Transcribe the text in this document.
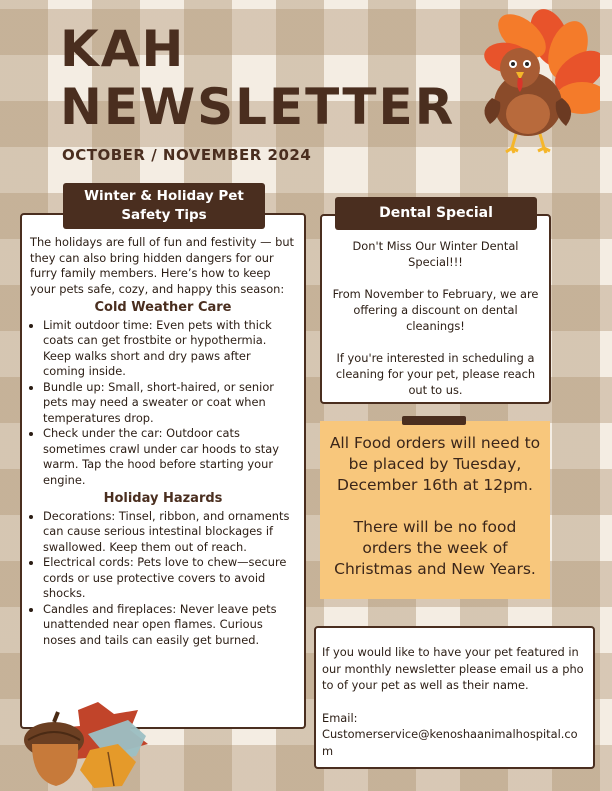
KAH
NEWSLETTER
OCTOBER / NOVEMBER 2024

The holidays are full of fun and festivity — but they can also bring hidden dangers for our furry family members. Here’s how to keep your pets safe, cozy, and happy this season:

Cold Weather Care
• Limit outdoor time: Even pets with thick coats can get frostbite or hypothermia. Keep walks short and dry paws after coming inside.
• Bundle up: Small, short-haired, or senior pets may need a sweater or coat when temperatures drop.
• Check under the car: Outdoor cats sometimes crawl under car hoods to stay warm. Tap the hood before starting your engine.
Holiday Hazards
• Decorations: Tinsel, ribbon, and ornaments can cause serious intestinal blockages if swallowed. Keep them out of reach.
• Electrical cords: Pets love to chew—secure cords or use protective covers to avoid shocks.
• Candles and fireplaces: Never leave pets unattended near open flames. Curious noses and tails can easily get burned.
Winter & Holiday Pet
Safety Tips

Don't Miss Our Winter Dental Special!!!

From November to February, we are offering a discount on dental cleanings!

If you're interested in scheduling a cleaning for your pet, please reach out to us.

Dental Special

All Food orders will need to be placed by Tuesday, December 16th at 12pm.

There will be no food orders the week of Christmas and New Years.

If you would like to have your pet featured in our monthly newsletter please email us a photo of your pet as well as their name.

Email:

Customerservice@kenoshaanimalhospital.com
